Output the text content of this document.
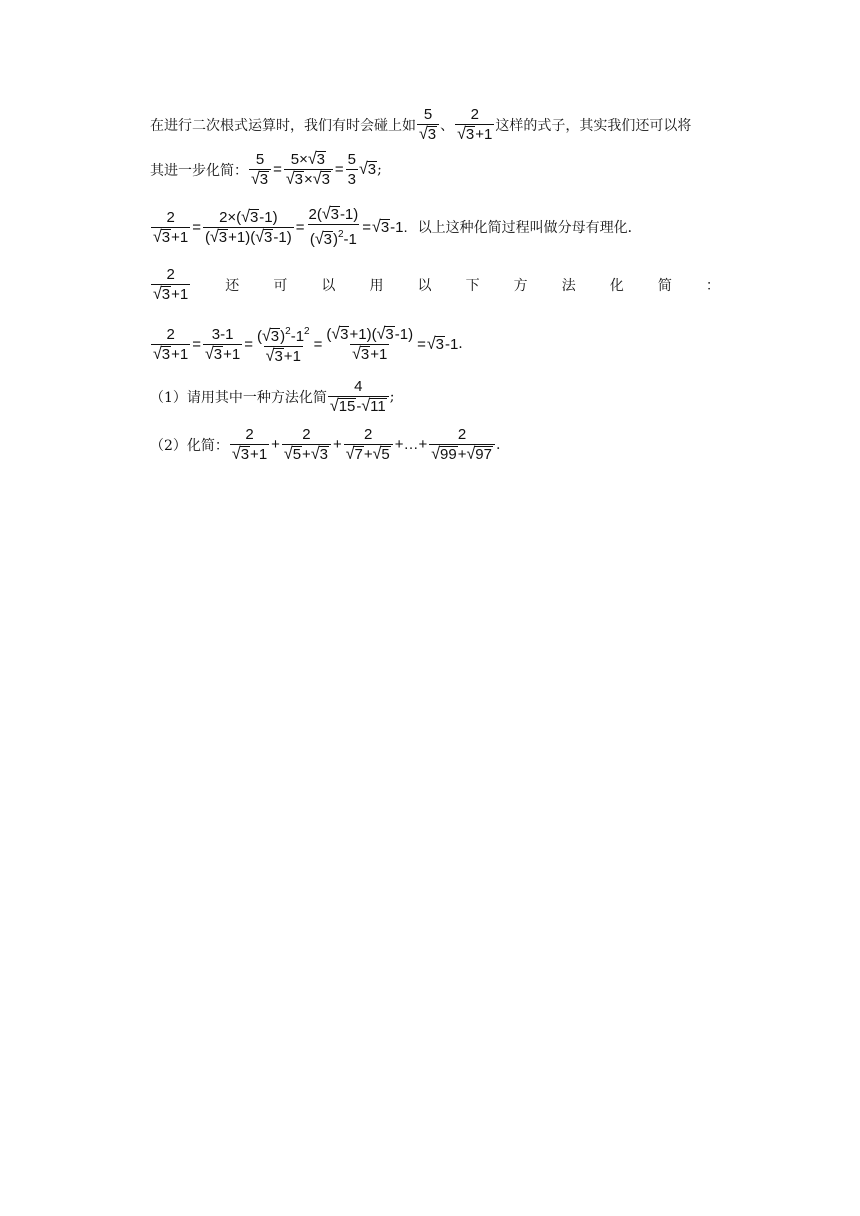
在进行二次根式运算时，我们有时会碰上如 $\frac{5}{√ 3}$ 、 $\frac{2}{√ 3 +1}$ 这样的式子，其实我们还可以将
其进一步化简： $\frac{5}{√ 3} = \frac{5\times √ 3}{√ 3 \times √ 3} = \frac{5}{3}$ √ 3 ;
$\frac{2}{√ 3 +1} = \frac{2\times( √ 3 -1)}{( √ 3 +1)( √ 3 -1)} = \frac{2( √ 3 -1)}{( √ 3 )^2-1}$ = √ 3 -1. 以上这种化简过程叫做分母有理化．
$\frac{2}{√ 3 +1}$	还 可 以 用 以 下 方 法 化 简 ：
$\frac{2}{√ 3 +1} = \frac{3-1}{√ 3 +1} = \frac{( √ 3 )^2-1^2}{√ 3 +1} = \frac{( √ 3 +1)( √ 3 -1)}{√ 3 +1}$ = √ 3 -1 .
（1）请用其中一种方法化简 $\frac{4}{√ 15 - √ 11}$ ;
（2）化简： $\frac{2}{√ 3 +1} + \frac{2}{√ 5 + √ 3} + \frac{2}{√ 7 + √ 5}$ +…+ $\frac{2}{√ 99 + √ 97}$ .
